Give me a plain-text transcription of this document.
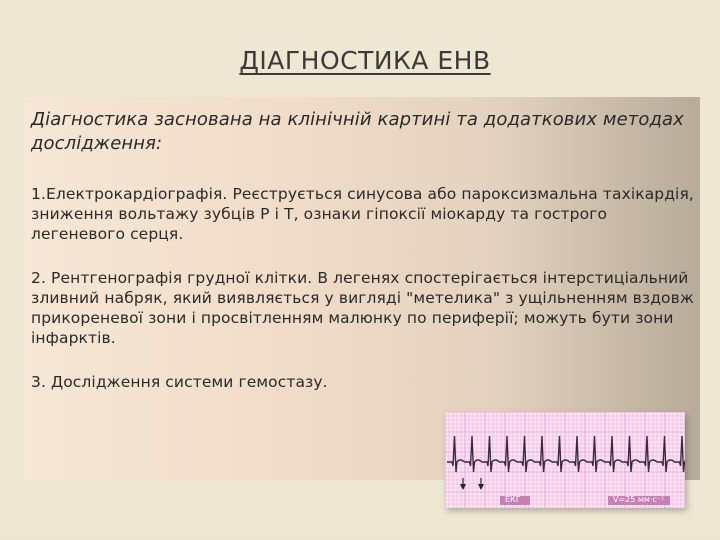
ДІАГНОСТИКА ЕНВ

Діагностика заснована на клінічній картині та додаткових методах дослідження:

1.Електрокардіографія. Реєструється синусова або пароксизмальна тахікардія, зниження вольтажу зубців Р і Т, ознаки гіпоксії міокарду та гострого легеневого серця.

2. Рентгенографія грудної клітки. В легенях спостерігається інтерстиціальний зливний набряк, який виявляється у вигляді "метелика" з ущільненням вздовж прикореневої зони і просвітленням малюнку по периферії; можуть бути зони інфарктів.

3. Дослідження системи гемостазу.

ЕКГ	V=25 мм·с⁻¹
